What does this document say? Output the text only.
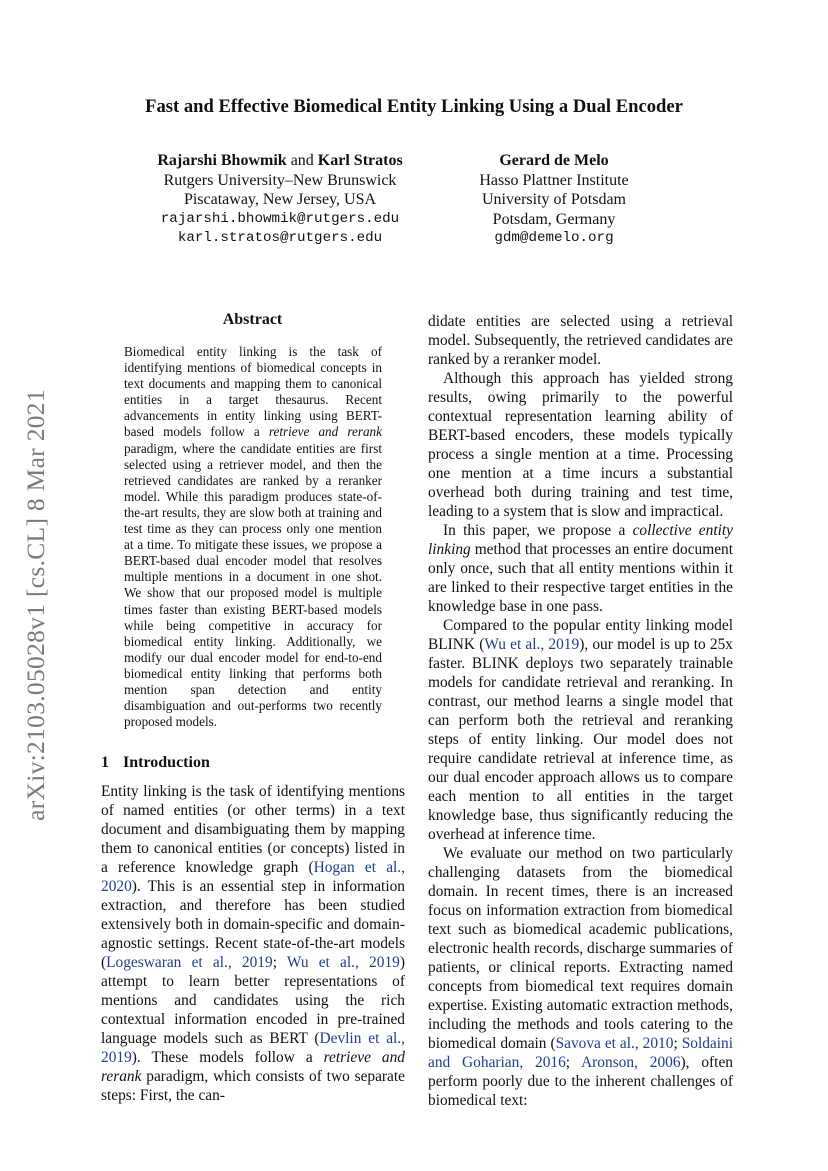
arXiv:2103.05028v1 [cs.CL] 8 Mar 2021
Fast and Effective Biomedical Entity Linking Using a Dual Encoder
Rajarshi Bhowmik and Karl Stratos
Rutgers University–New Brunswick
Piscataway, New Jersey, USA
rajarshi.bhowmik@rutgers.edu
karl.stratos@rutgers.edu
Gerard de Melo
Hasso Plattner Institute
University of Potsdam
Potsdam, Germany
gdm@demelo.org
Abstract

Biomedical entity linking is the task of identifying mentions of biomedical concepts in text documents and mapping them to canonical entities in a target thesaurus. Recent advancements in entity linking using BERT-based models follow a retrieve and rerank paradigm, where the candidate entities are first selected using a retriever model, and then the retrieved candidates are ranked by a reranker model. While this paradigm produces state-of-the-art results, they are slow both at training and test time as they can process only one mention at a time. To mitigate these issues, we propose a BERT-based dual encoder model that resolves multiple mentions in a document in one shot. We show that our proposed model is multiple times faster than existing BERT-based models while being competitive in accuracy for biomedical entity linking. Additionally, we modify our dual encoder model for end-to-end biomedical entity linking that performs both mention span detection and entity disambiguation and out-performs two recently proposed models.

1 Introduction

Entity linking is the task of identifying mentions of named entities (or other terms) in a text document and disambiguating them by mapping them to canonical entities (or concepts) listed in a reference knowledge graph (Hogan et al., 2020). This is an essential step in information extraction, and therefore has been studied extensively both in domain-specific and domain-agnostic settings. Recent state-of-the-art models (Logeswaran et al., 2019; Wu et al., 2019) attempt to learn better representations of mentions and candidates using the rich contextual information encoded in pre-trained language models such as BERT (Devlin et al., 2019). These models follow a retrieve and rerank paradigm, which consists of two separate steps: First, the can-

didate entities are selected using a retrieval model. Subsequently, the retrieved candidates are ranked by a reranker model.

Although this approach has yielded strong results, owing primarily to the powerful contextual representation learning ability of BERT-based encoders, these models typically process a single mention at a time. Processing one mention at a time incurs a substantial overhead both during training and test time, leading to a system that is slow and impractical.

In this paper, we propose a collective entity linking method that processes an entire document only once, such that all entity mentions within it are linked to their respective target entities in the knowledge base in one pass.

Compared to the popular entity linking model BLINK (Wu et al., 2019), our model is up to 25x faster. BLINK deploys two separately trainable models for candidate retrieval and reranking. In contrast, our method learns a single model that can perform both the retrieval and reranking steps of entity linking. Our model does not require candidate retrieval at inference time, as our dual encoder approach allows us to compare each mention to all entities in the target knowledge base, thus significantly reducing the overhead at inference time.

We evaluate our method on two particularly challenging datasets from the biomedical domain. In recent times, there is an increased focus on information extraction from biomedical text such as biomedical academic publications, electronic health records, discharge summaries of patients, or clinical reports. Extracting named concepts from biomedical text requires domain expertise. Existing automatic extraction methods, including the methods and tools catering to the biomedical domain (Savova et al., 2010; Soldaini and Goharian, 2016; Aronson, 2006), often perform poorly due to the inherent challenges of biomedical text:
